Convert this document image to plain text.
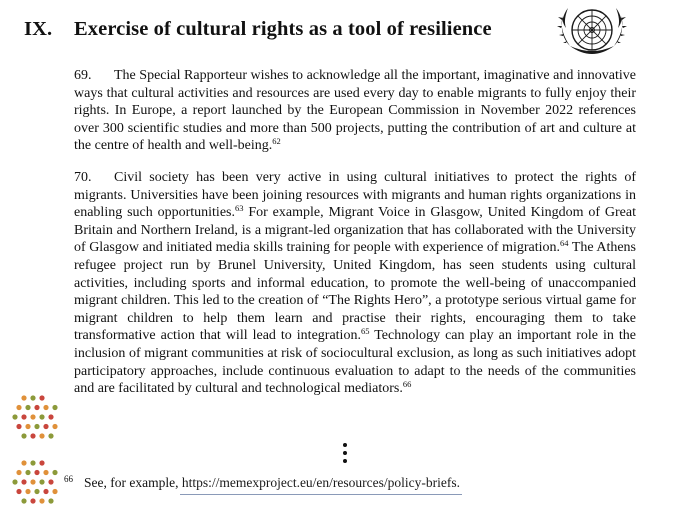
IX. Exercise of cultural rights as a tool of resilience

69. The Special Rapporteur wishes to acknowledge all the important, imaginative and innovative ways that cultural activities and resources are used every day to enable migrants to fully enjoy their rights. In Europe, a report launched by the European Commission in November 2022 references over 300 scientific studies and more than 500 projects, putting the contribution of art and culture at the centre of health and well-being.$^{62}$

70. Civil society has been very active in using cultural initiatives to protect the rights of migrants. Universities have been joining resources with migrants and human rights organizations in enabling such opportunities.$^{63}$ For example, Migrant Voice in Glasgow, United Kingdom of Great Britain and Northern Ireland, is a migrant-led organization that has collaborated with the University of Glasgow and initiated media skills training for people with experience of migration.$^{64}$ The Athens refugee project run by Brunel University, United Kingdom, has seen students using cultural activities, including sports and informal education, to promote the well-being of unaccompanied migrant children. This led to the creation of “The Rights Hero”, a prototype serious virtual game for migrant children to help them learn and practise their rights, encouraging them to take transformative action that will lead to integration.$^{65}$ Technology can play an important role in the inclusion of migrant communities at risk of sociocultural exclusion, as long as such initiatives adopt participatory approaches, include continuous evaluation to adapt to the needs of the communities and are facilitated by cultural and technological mediators.$^{66}$

66 See, for example, https://memexproject.eu/en/resources/policy-briefs.
